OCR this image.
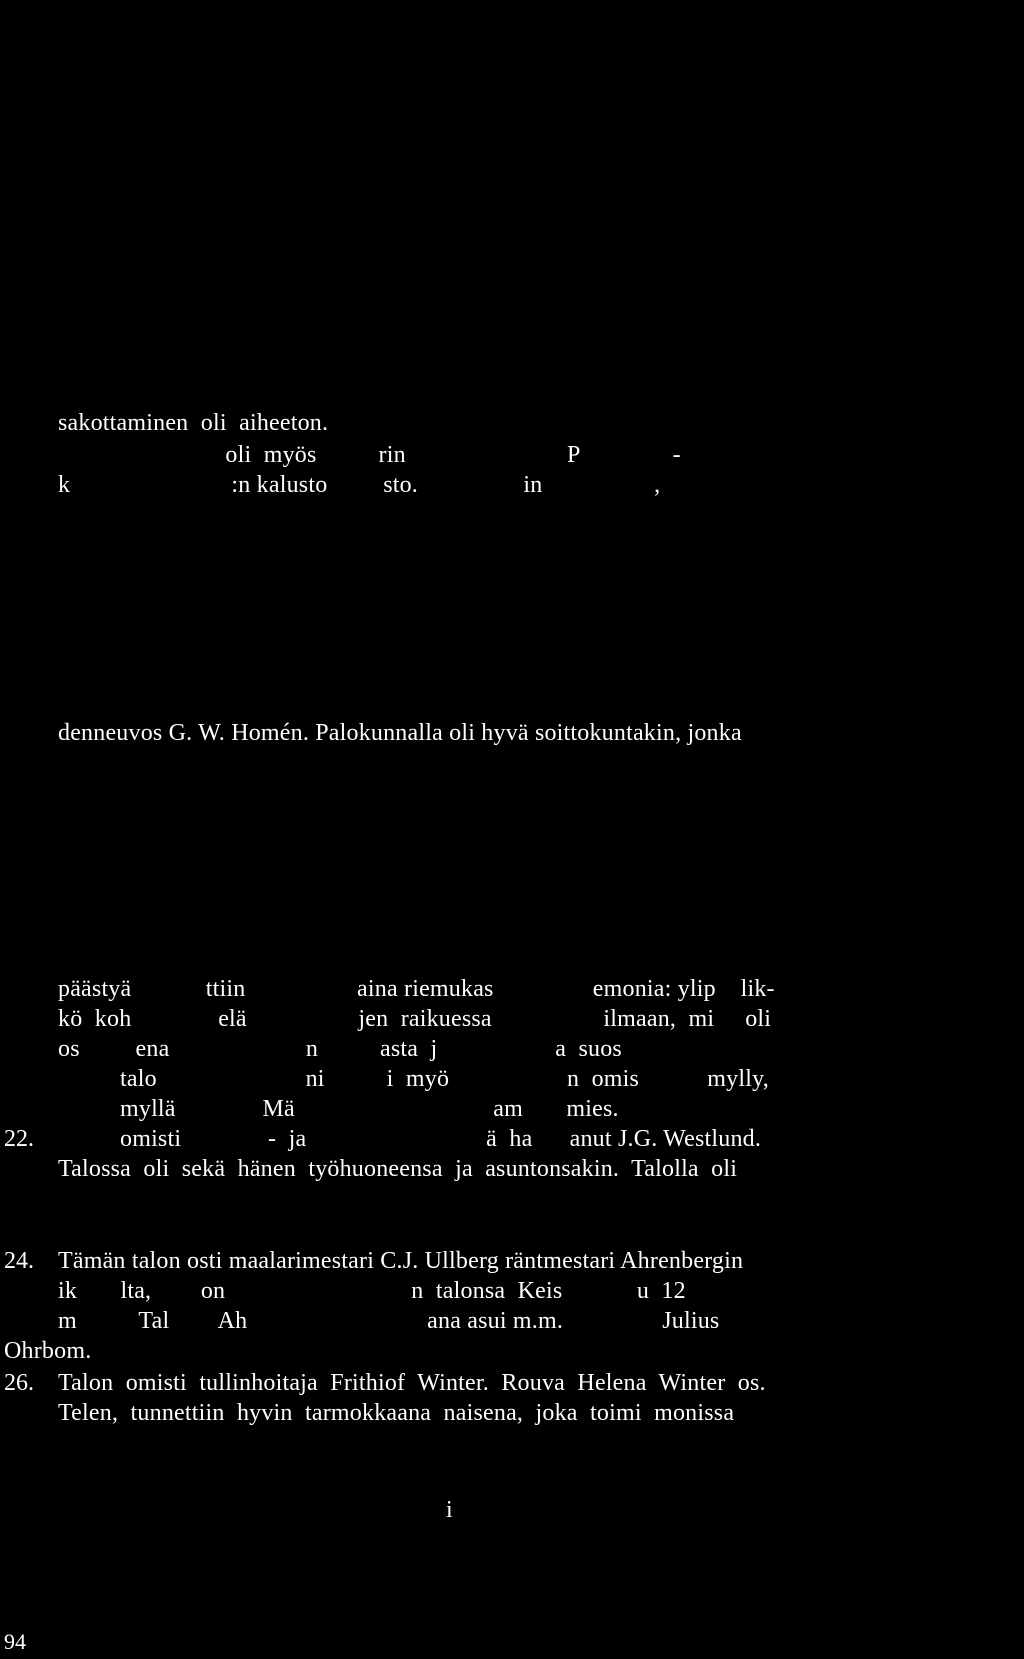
sakottaminen  oli  aiheeton.
oli  myös          rin                          P               -
k                          :n kalusto         sto.                 in                  ,
denneuvos G. W. Homén. Palokunnalla oli hyvä soittokuntakin, jonka
päästyä            ttiin                  aina riemukas                emonia: ylip    lik-
kö  koh              elä                  jen  raikuessa                  ilmaan,  mi     oli
os         ena                      n          asta  j                   a  suos
talo                        ni          i  myö                   n  omis           mylly,
myllä              Mä                                am       mies.
22. omisti              -  ja                             ä  ha      anut J.G. Westlund.
Talossa  oli  sekä  hänen  työhuoneensa  ja  asuntonsakin.  Talolla  oli
24. Tämän talon osti maalarimestari C.J. Ullberg räntmestari Ahrenbergin
ik       lta,        on                              n  talonsa  Keis            u  12
m          Tal        Ah                             ana asui m.m.                Julius
Ohrbom.
26. Talon  omisti  tullinhoitaja  Frithiof  Winter.  Rouva  Helena  Winter  os.
Telen,  tunnettiin  hyvin  tarmokkaana  naisena,  joka  toimi  monissa
i
94
